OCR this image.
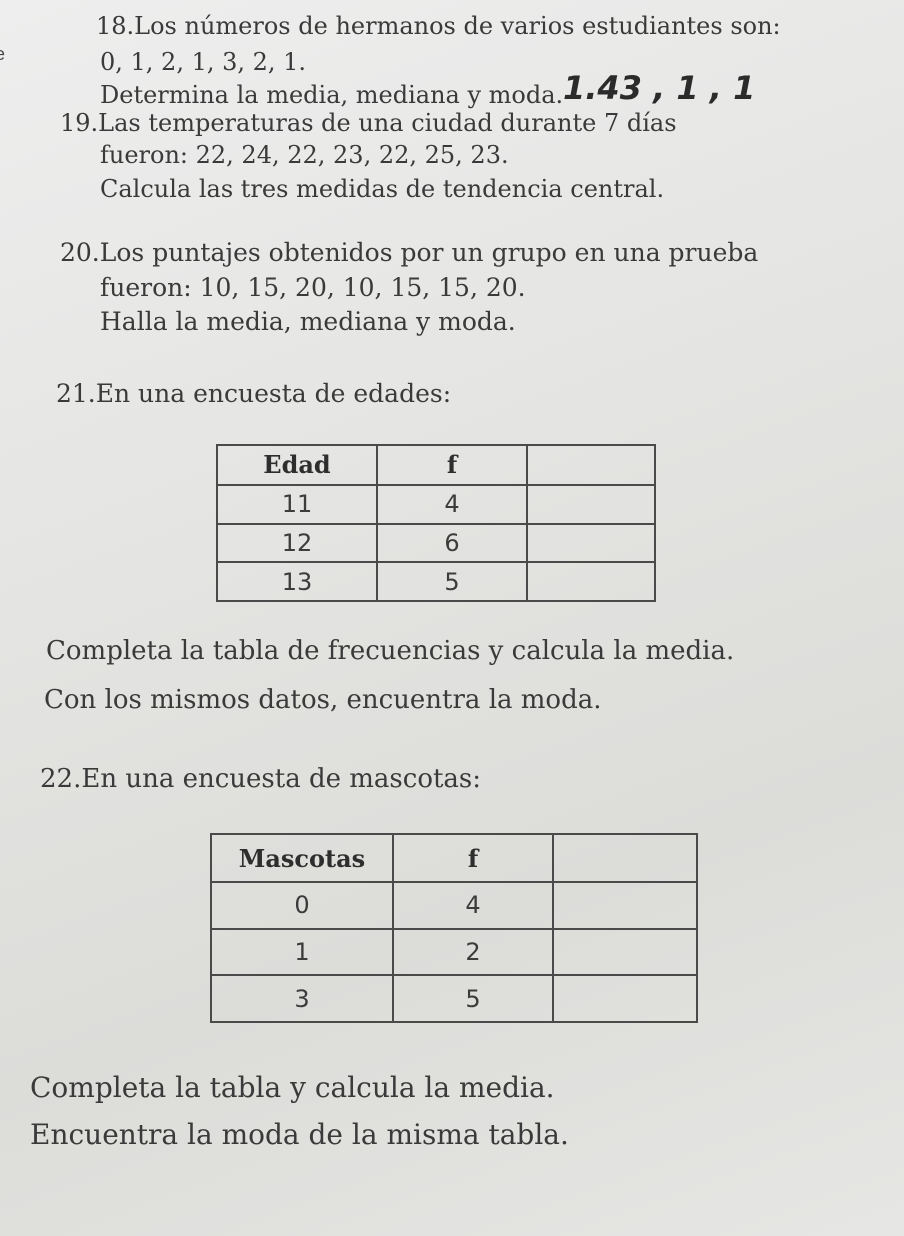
18.Los números de hermanos de varios estudiantes son:
0, 1, 2, 1, 3, 2, 1.
Determina la media, mediana y moda. 1.43 , 1 , 1
19.Las temperaturas de una ciudad durante 7 días
fueron: 22, 24, 22, 23, 22, 25, 23.
Calcula las tres medidas de tendencia central.
20.Los puntajes obtenidos por un grupo en una prueba
fueron: 10, 15, 20, 10, 15, 15, 20.
Halla la media, mediana y moda.
21.En una encuesta de edades:
Edad	f	
11	4	
12	6	
13	5	
Completa la tabla de frecuencias y calcula la media.
Con los mismos datos, encuentra la moda.
22.En una encuesta de mascotas:
Mascotas	f	
0	4	
1	2	
3	5	
Completa la tabla y calcula la media.
Encuentra la moda de la misma tabla.
